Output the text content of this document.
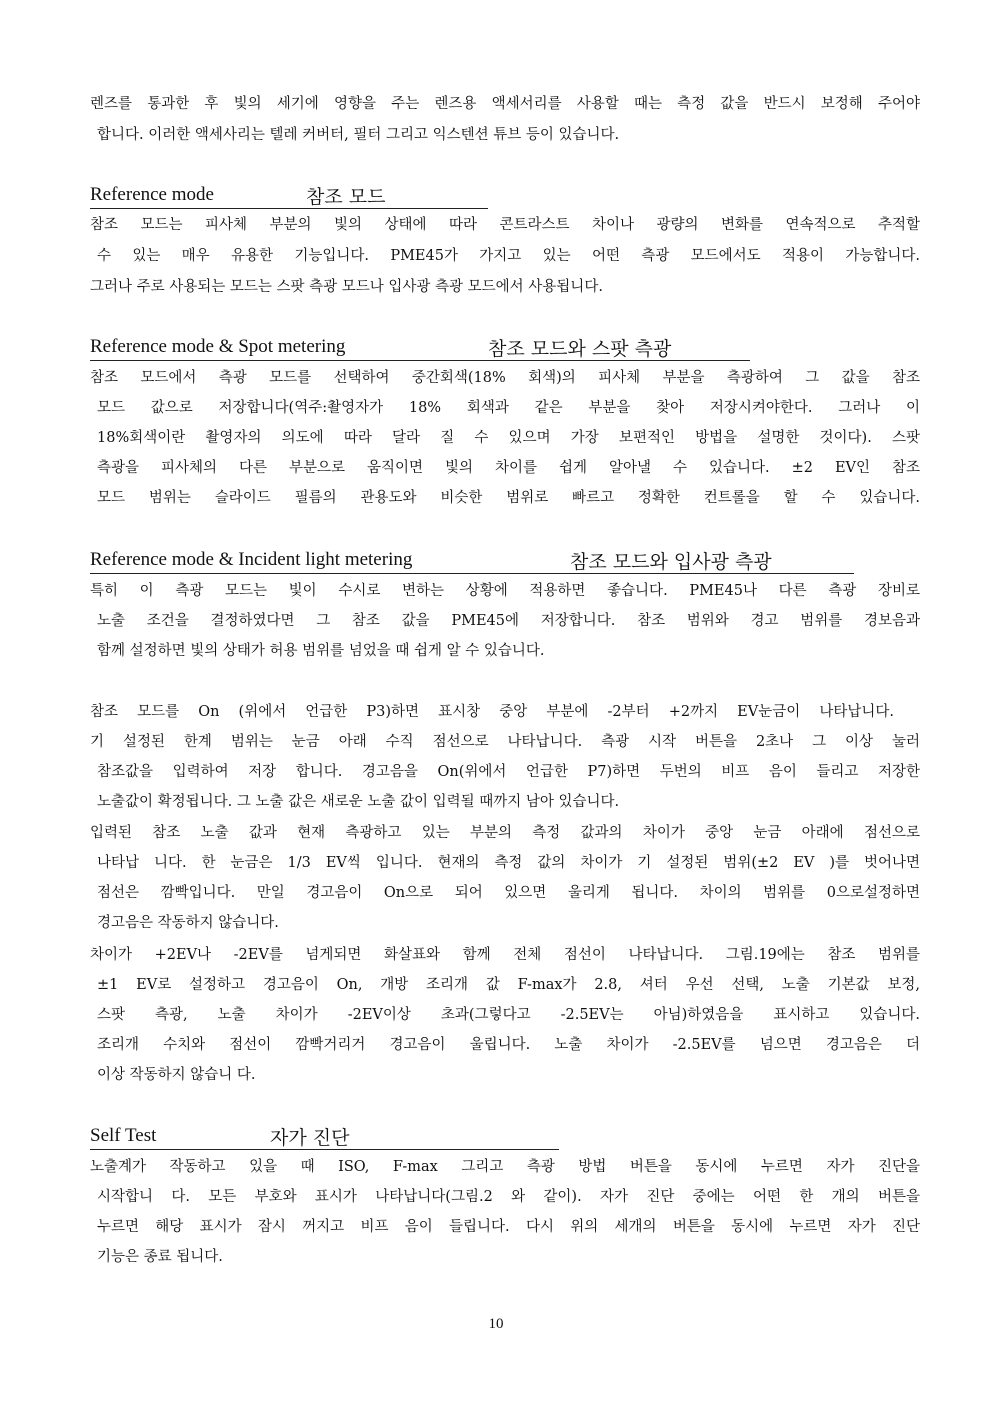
렌즈를 통과한 후 빛의 세기에 영향을 주는 렌즈용 액세서리를 사용할 때는 측정 값을 반드시 보정해 주어야
합니다. 이러한 액세사리는 텔레 커버터, 필터 그리고 익스텐션 튜브 등이 있습니다.
Reference mode	참조 모드
참조 모드는 피사체 부분의 빛의 상태에 따라 콘트라스트 차이나 광량의 변화를 연속적으로 추적할
수 있는 매우 유용한 기능입니다. PME45가 가지고 있는 어떤 측광 모드에서도 적용이 가능합니다.
그러나 주로 사용되는 모드는 스팟 측광 모드나 입사광 측광 모드에서 사용됩니다.
Reference mode & Spot metering	참조 모드와 스팟 측광
참조 모드에서 측광 모드를 선택하여 중간회색(18% 회색)의 피사체 부분을 측광하여 그 값을 참조
모드 값으로 저장합니다(역주:촬영자가 18% 회색과 같은 부분을 찾아 저장시켜야한다. 그러나 이
18%회색이란 촬영자의 의도에 따라 달라 질 수 있으며 가장 보편적인 방법을 설명한 것이다). 스팟
측광을 피사체의 다른 부분으로 움직이면 빛의 차이를 쉽게 알아낼 수 있습니다. ±2 EV인 참조
모드 범위는 슬라이드 필름의 관용도와 비슷한 범위로 빠르고 정확한 컨트롤을 할 수 있습니다.
Reference mode & Incident light metering	참조 모드와 입사광 측광
특히 이 측광 모드는 빛이 수시로 변하는 상황에 적용하면 좋습니다. PME45나 다른 측광 장비로
노출 조건을 결정하였다면 그 참조 값을 PME45에 저장합니다. 참조 범위와 경고 범위를 경보음과
함께 설정하면 빛의 상태가 허용 범위를 넘었을 때 쉽게 알 수 있습니다.
참조 모드를 On (위에서 언급한 P3)하면 표시창 중앙 부분에 -2부터 +2까지 EV눈금이 나타납니다.
기 설정된 한계 범위는 눈금 아래 수직 점선으로 나타납니다. 측광 시작 버튼을 2초나 그 이상 눌러
참조값을 입력하여 저장 합니다. 경고음을 On(위에서 언급한 P7)하면 두번의 비프 음이 들리고 저장한
노출값이 확정됩니다. 그 노출 값은 새로운 노출 값이 입력될 때까지 남아 있습니다.
입력된 참조 노출 값과 현재 측광하고 있는 부분의 측정 값과의 차이가 중앙 눈금 아래에 점선으로
나타납 니다. 한 눈금은 1/3 EV씩 입니다. 현재의 측정 값의 차이가 기 설정된 범위(±2 EV )를 벗어나면
점선은 깜빡입니다. 만일 경고음이 On으로 되어 있으면 울리게 됩니다. 차이의 범위를 0으로설정하면
경고음은 작동하지 않습니다.
차이가 +2EV나 -2EV를 넘게되면 화살표와 함께 전체 점선이 나타납니다. 그림.19에는 참조 범위를
±1 EV로 설정하고 경고음이 On, 개방 조리개 값 F-max가 2.8, 셔터 우선 선택, 노출 기본값 보정,
스팟 측광, 노출 차이가 -2EV이상 초과(그렇다고 -2.5EV는 아님)하였음을 표시하고 있습니다.
조리개 수치와 점선이 깜빡거리거 경고음이 울립니다. 노출 차이가 -2.5EV를 넘으면 경고음은 더
이상 작동하지 않습니 다.
Self Test	자가 진단
노출계가 작동하고 있을 때 ISO, F-max 그리고 측광 방법 버튼을 동시에 누르면 자가 진단을
시작합니 다. 모든 부호와 표시가 나타납니다(그림.2 와 같이). 자가 진단 중에는 어떤 한 개의 버튼을
누르면 해당 표시가 잠시 꺼지고 비프 음이 들립니다. 다시 위의 세개의 버튼을 동시에 누르면 자가 진단
기능은 종료 됩니다.
10
